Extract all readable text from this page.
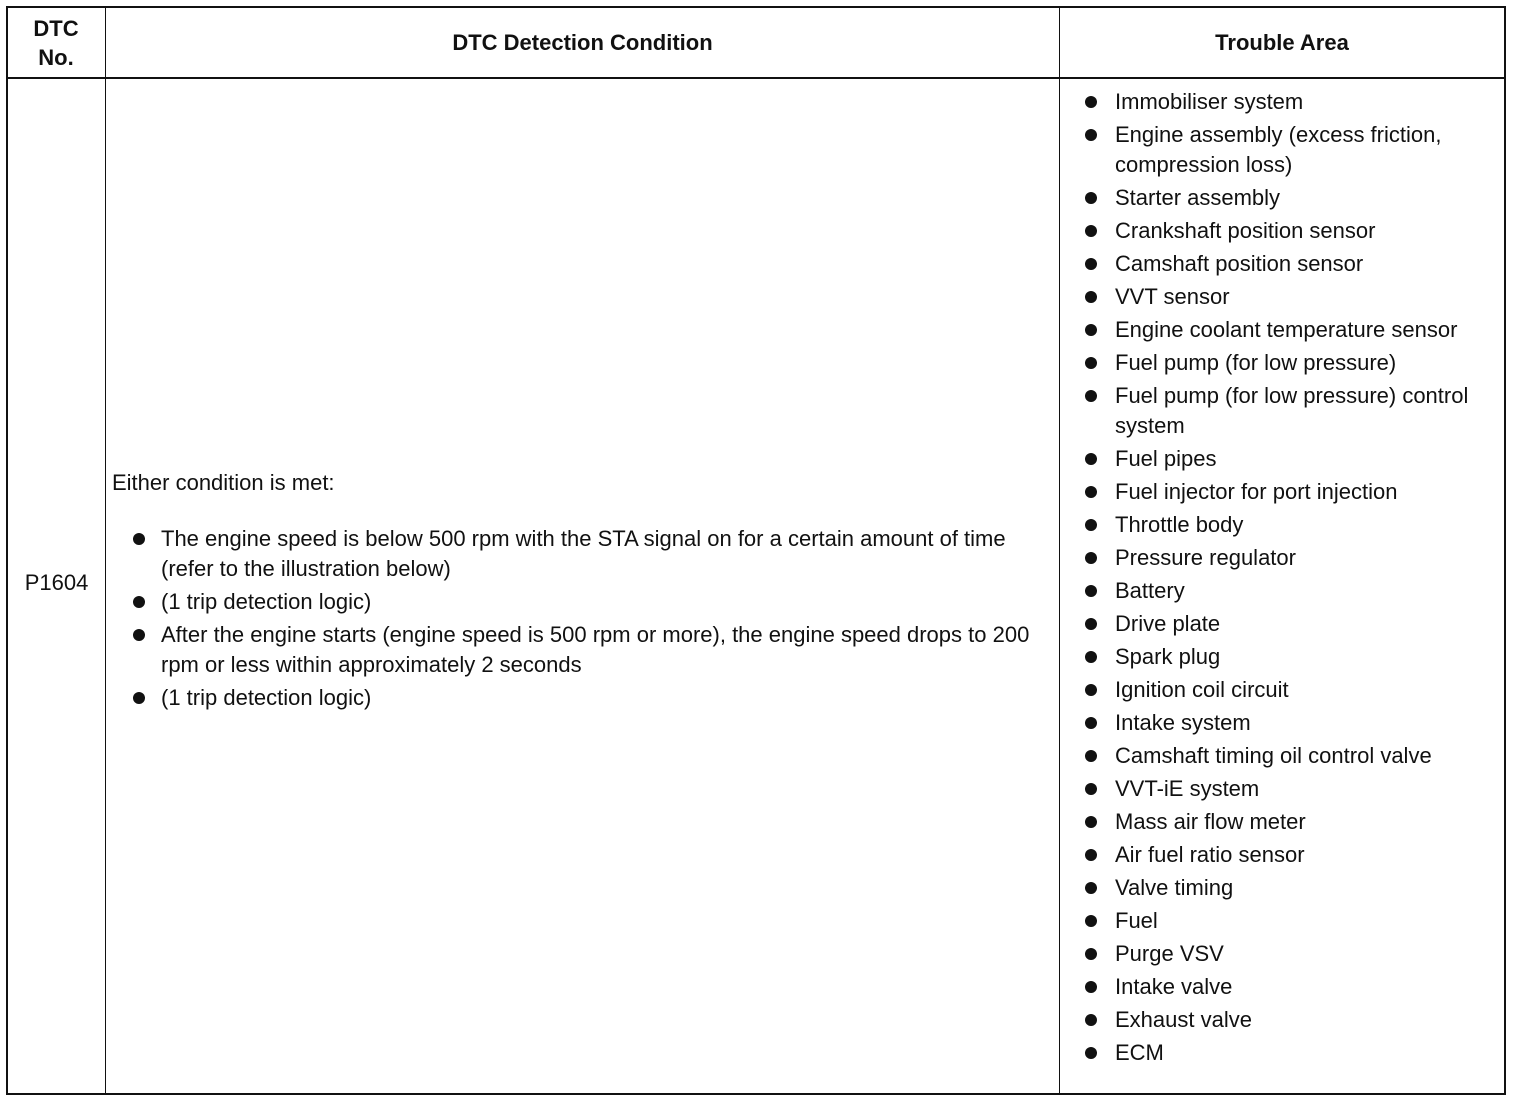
DTC No.
DTC Detection Condition	Trouble Area
P1604

Either condition is met:

The engine speed is below 500 rpm with the STA signal on for a certain amount of time (refer to the illustration below)
(1 trip detection logic)
After the engine starts (engine speed is 500 rpm or more), the engine speed drops to 200 rpm or less within approximately 2 seconds
(1 trip detection logic)
Immobiliser system
Engine assembly (excess friction, compression loss)
Starter assembly
Crankshaft position sensor
Camshaft position sensor
VVT sensor
Engine coolant temperature sensor
Fuel pump (for low pressure)
Fuel pump (for low pressure) control system
Fuel pipes
Fuel injector for port injection
Throttle body
Pressure regulator
Battery
Drive plate
Spark plug
Ignition coil circuit
Intake system
Camshaft timing oil control valve
VVT-iE system
Mass air flow meter
Air fuel ratio sensor
Valve timing
Fuel
Purge VSV
Intake valve
Exhaust valve
ECM
